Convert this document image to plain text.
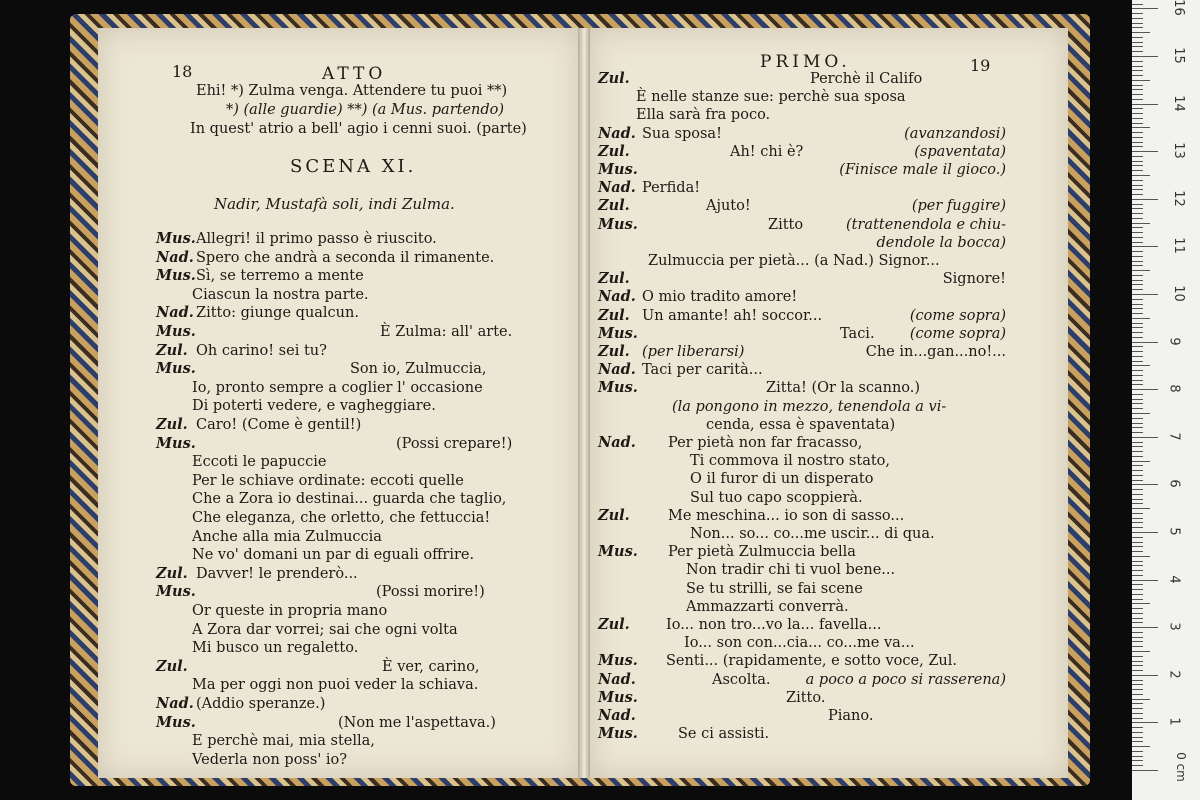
18	ATTO
Ehi! *) Zulma venga. Attendere tu puoi **)
*) (alle guardie) **) (a Mus. partendo)
In quest' atrio a bell' agio i cenni suoi. (parte)
SCENA XI.
Nadir, Mustafà soli, indi Zulma.
Mus. Allegri! il primo passo è riuscito.
Nad. Spero che andrà a seconda il rimanente.
Mus. Sì, se terremo a mente
Ciascun la nostra parte.
Nad. Zitto: giunge qualcun.
Mus.	È Zulma: all' arte.
Zul. Oh carino! sei tu?
Mus.	Son io, Zulmuccia,
Io, pronto sempre a coglier l' occasione
Di poterti vedere, e vagheggiare.
Zul. Caro! (Come è gentil!)
Mus.	(Possi crepare!)
Eccoti le papuccie
Per le schiave ordinate: eccoti quelle
Che a Zora io destinai... guarda che taglio,
Che eleganza, che orletto, che fettuccia!
Anche alla mia Zulmuccia
Ne vo' domani un par di eguali offrire.
Zul. Davver! le prenderò...
Mus.	(Possi morire!)
Or queste in propria mano
A Zora dar vorrei; sai che ogni volta
Mi busco un regaletto.
Zul.	È ver, carino,
Ma per oggi non puoi veder la schiava.
Nad. (Addio speranze.)
Mus.	(Non me l'aspettava.)
E perchè mai, mia stella,
Vederla non poss' io?
PRIMO.	19
Zul.	Perchè il Califo
È nelle stanze sue: perchè sua sposa
Ella sarà fra poco.
Nad. Sua sposa!	(avanzandosi)
Zul.	Ah! chi è?	(spaventata)
Mus.	(Finisce male il gioco.)
Nad. Perfida!
Zul.	Ajuto!	(per fuggire)
Mus.	Zitto	(trattenendola e chiu-
dendole la bocca)
Zulmuccia per pietà... (a Nad.) Signor...
Zul.	Signore!
Nad. O mio tradito amore!
Zul. Un amante! ah! soccor...	(come sopra)
Mus.	Taci. (come sopra)
Zul. (per liberarsi)	Che in...gan...no!...
Nad. Taci per carità...
Mus.	Zitta! (Or la scanno.)
(la pongono in mezzo, tenendola a vi-
cenda, essa è spaventata)
Nad. Per pietà non far fracasso,
Ti commova il nostro stato,
O il furor di un disperato
Sul tuo capo scoppierà.
Zul.	Me meschina... io son di sasso...
Non... so... co...me uscir... di qua.
Mus. Per pietà Zulmuccia bella
Non tradir chi ti vuol bene...
Se tu strilli, se fai scene
Ammazzarti converrà.
Zul.	Io... non tro...vo la... favella...
Io... son con...cia... co...me va...
Mus. Senti... (rapidamente, e sotto voce, Zul.
Nad.	Ascolta. a poco a poco si rasserena)
Mus.	Zitto.
Nad.	Piano.
Mus.	Se ci assisti.
0 cm
1
2
3
4
5
6
7
8
9
10
11
12
13
14
15
16
